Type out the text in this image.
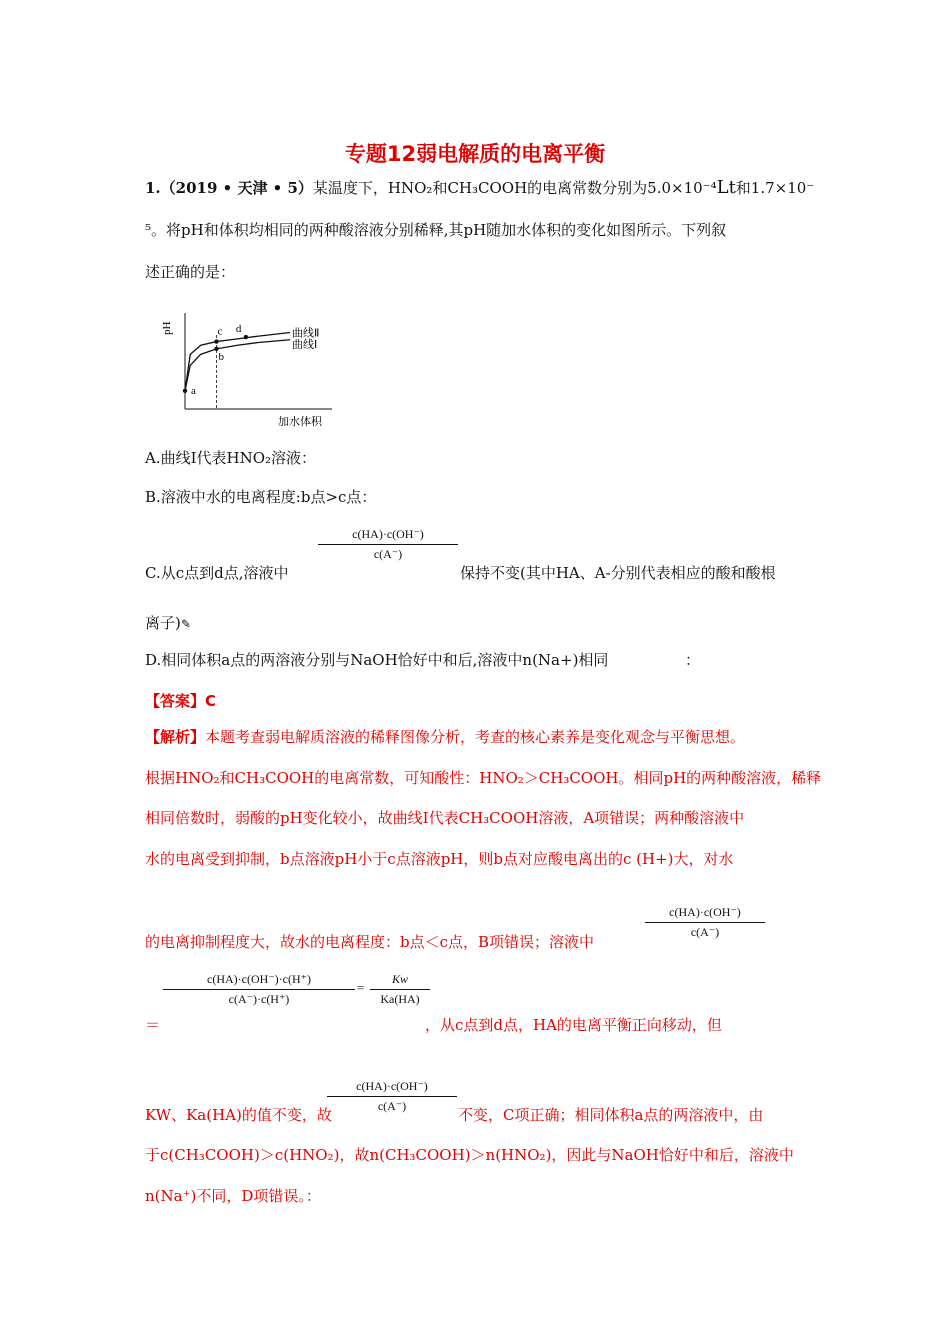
专题12弱电解质的电离平衡
1.（2019 • 天津 • 5）某温度下，HNO₂和CH₃COOH的电离常数分别为5.0×10⁻⁴Lt和1.7×10⁻
⁵。将pH和体积均相同的两种酸溶液分别稀释,其pH随加水体积的变化如图所示。下列叙
述正确的是：
pH
加水体积
a
b
c d	曲线Ⅱ
曲线Ⅰ
A.曲线Ⅰ代表HNO₂溶液：
B.溶液中水的电离程度:b点>c点：
c(HA)·c(OH⁻)
c(A⁻)
C.从c点到d点,溶液中	保持不变(其中HA、A-分别代表相应的酸和酸根
离子)✎
D.相同体积a点的两溶液分别与NaOH恰好中和后,溶液中n(Na+)相同	：
【答案】C
【解析】本题考查弱电解质溶液的稀释图像分析，考查的核心素养是变化观念与平衡思想。
根据HNO₂和CH₃COOH的电离常数，可知酸性：HNO₂＞CH₃COOH。相同pH的两种酸溶液，稀释
相同倍数时，弱酸的pH变化较小，故曲线Ⅰ代表CH₃COOH溶液，A项错误；两种酸溶液中
水的电离受到抑制，b点溶液pH小于c点溶液pH，则b点对应酸电离出的c (H+)大，对水
c(HA)·c(OH⁻)
c(A⁻)
的电离抑制程度大，故水的电离程度：b点＜c点，B项错误；溶液中
c(HA)·c(OH⁻)·c(H⁺)
c(A⁻)·c(H⁺)
=
Kw
Ka(HA)
＝	，从c点到d点，HA的电离平衡正向移动，但
c(HA)·c(OH⁻)
c(A⁻)
KW、Ka(HA)的值不变，故	不变，C项正确；相同体积a点的两溶液中，由
于c(CH₃COOH)＞c(HNO₂)，故n(CH₃COOH)＞n(HNO₂)，因此与NaOH恰好中和后，溶液中
n(Na⁺)不同，D项错误。：
